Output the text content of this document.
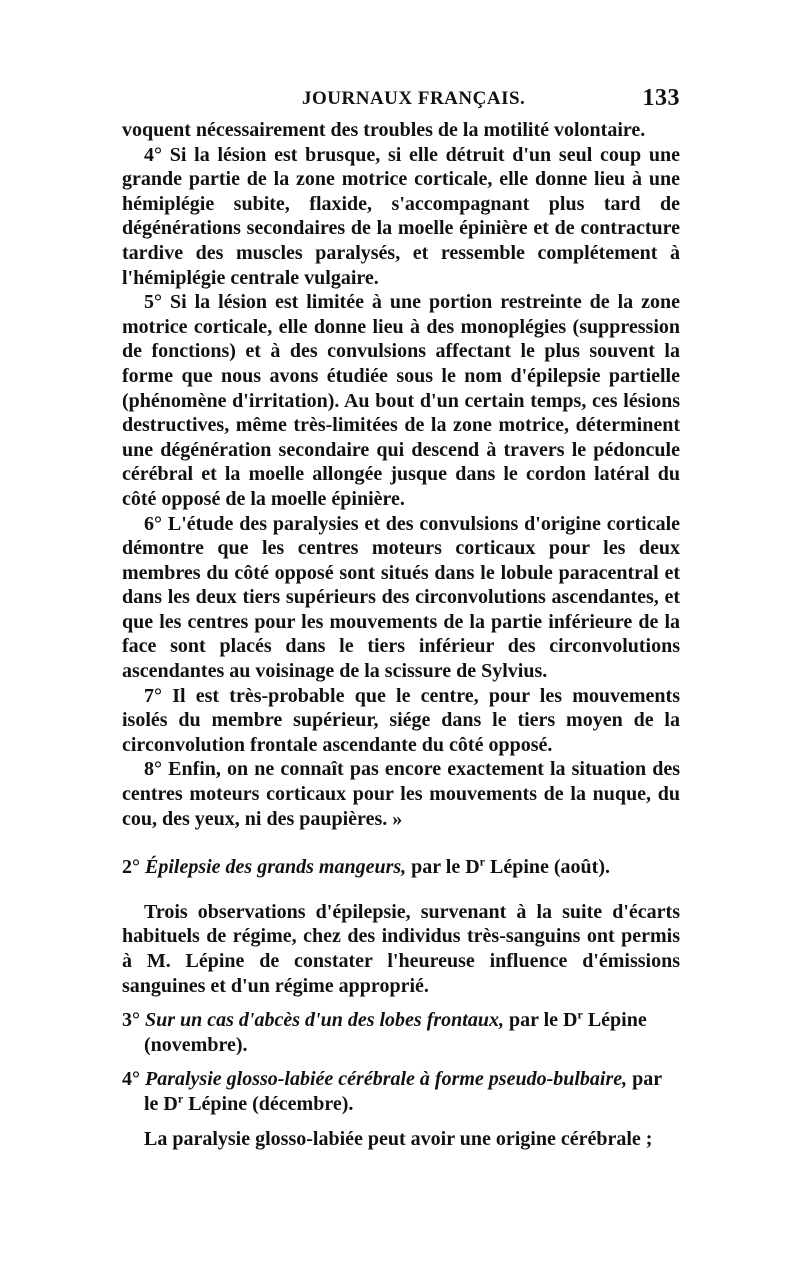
JOURNAUX FRANÇAIS.	133

voquent nécessairement des troubles de la motilité volontaire.

4° Si la lésion est brusque, si elle détruit d'un seul coup une grande partie de la zone motrice corticale, elle donne lieu à une hémiplégie subite, flaxide, s'accompagnant plus tard de dégénérations secondaires de la moelle épinière et de contracture tardive des muscles paralysés, et ressemble complétement à l'hémiplégie centrale vulgaire.

5° Si la lésion est limitée à une portion restreinte de la zone motrice corticale, elle donne lieu à des monoplégies (suppression de fonctions) et à des convulsions affectant le plus souvent la forme que nous avons étudiée sous le nom d'épilepsie partielle (phénomène d'irritation). Au bout d'un certain temps, ces lésions destructives, même très-limitées de la zone motrice, déterminent une dégénération secondaire qui descend à travers le pédoncule cérébral et la moelle allongée jusque dans le cordon latéral du côté opposé de la moelle épinière.

6° L'étude des paralysies et des convulsions d'origine corticale démontre que les centres moteurs corticaux pour les deux membres du côté opposé sont situés dans le lobule paracentral et dans les deux tiers supérieurs des circonvolutions ascendantes, et que les centres pour les mouvements de la partie inférieure de la face sont placés dans le tiers inférieur des circonvolutions ascendantes au voisinage de la scissure de Sylvius.

7° Il est très-probable que le centre, pour les mouvements isolés du membre supérieur, siége dans le tiers moyen de la circonvolution frontale ascendante du côté opposé.

8° Enfin, on ne connaît pas encore exactement la situation des centres moteurs corticaux pour les mouvements de la nuque, du cou, des yeux, ni des paupières. »

2° Épilepsie des grands mangeurs, par le $D^r$ Lépine (août).

Trois observations d'épilepsie, survenant à la suite d'écarts habituels de régime, chez des individus très-sanguins ont permis à M. Lépine de constater l'heureuse influence d'émissions sanguines et d'un régime approprié.

3° Sur un cas d'abcès d'un des lobes frontaux, par le $D^r$ Lépine (novembre).

4° Paralysie glosso-labiée cérébrale à forme pseudo-bulbaire, par le $D^r$ Lépine (décembre).

La paralysie glosso-labiée peut avoir une origine cérébrale ;
